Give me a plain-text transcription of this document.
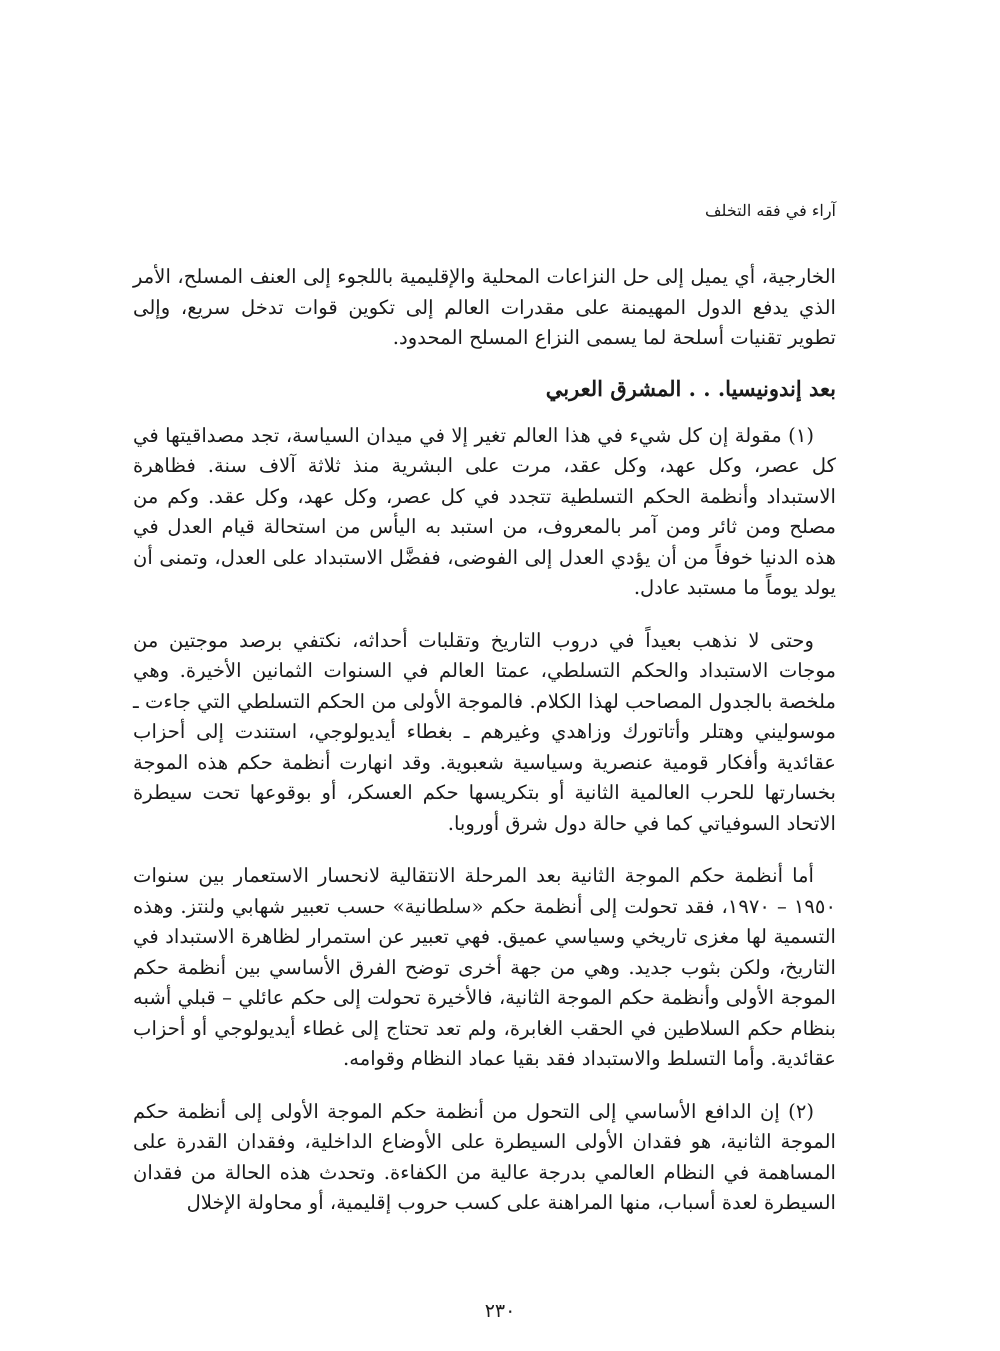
آراء في فقه التخلف

الخارجية، أي يميل إلى حل النزاعات المحلية والإقليمية باللجوء إلى العنف المسلح، الأمر الذي يدفع الدول المهيمنة على مقدرات العالم إلى تكوين قوات تدخل سريع، وإلى تطوير تقنيات أسلحة لما يسمى النزاع المسلح المحدود.

بعد إندونيسيا. . . المشرق العربي

(١) مقولة إن كل شيء في هذا العالم تغير إلا في ميدان السياسة، تجد مصداقيتها في كل عصر، وكل عهد، وكل عقد، مرت على البشرية منذ ثلاثة آلاف سنة. فظاهرة الاستبداد وأنظمة الحكم التسلطية تتجدد في كل عصر، وكل عهد، وكل عقد. وكم من مصلح ومن ثائر ومن آمر بالمعروف، من استبد به اليأس من استحالة قيام العدل في هذه الدنيا خوفاً من أن يؤدي العدل إلى الفوضى، ففضَّل الاستبداد على العدل، وتمنى أن يولد يوماً ما مستبد عادل.

وحتى لا نذهب بعيداً في دروب التاريخ وتقلبات أحداثه، نكتفي برصد موجتين من موجات الاستبداد والحكم التسلطي، عمتا العالم في السنوات الثمانين الأخيرة. وهي ملخصة بالجدول المصاحب لهذا الكلام. فالموجة الأولى من الحكم التسلطي التي جاءت ـ موسوليني وهتلر وأتاتورك وزاهدي وغيرهم ـ بغطاء أيديولوجي، استندت إلى أحزاب عقائدية وأفكار قومية عنصرية وسياسية شعبوية. وقد انهارت أنظمة حكم هذه الموجة بخسارتها للحرب العالمية الثانية أو بتكريسها حكم العسكر، أو بوقوعها تحت سيطرة الاتحاد السوفياتي كما في حالة دول شرق أوروبا.

أما أنظمة حكم الموجة الثانية بعد المرحلة الانتقالية لانحسار الاستعمار بين سنوات ١٩٥٠ – ١٩٧٠، فقد تحولت إلى أنظمة حكم «سلطانية» حسب تعبير شهابي ولنتز. وهذه التسمية لها مغزى تاريخي وسياسي عميق. فهي تعبير عن استمرار لظاهرة الاستبداد في التاريخ، ولكن بثوب جديد. وهي من جهة أخرى توضح الفرق الأساسي بين أنظمة حكم الموجة الأولى وأنظمة حكم الموجة الثانية، فالأخيرة تحولت إلى حكم عائلي – قبلي أشبه بنظام حكم السلاطين في الحقب الغابرة، ولم تعد تحتاج إلى غطاء أيديولوجي أو أحزاب عقائدية. وأما التسلط والاستبداد فقد بقيا عماد النظام وقوامه.

(٢) إن الدافع الأساسي إلى التحول من أنظمة حكم الموجة الأولى إلى أنظمة حكم الموجة الثانية، هو فقدان الأولى السيطرة على الأوضاع الداخلية، وفقدان القدرة على المساهمة في النظام العالمي بدرجة عالية من الكفاءة. وتحدث هذه الحالة من فقدان السيطرة لعدة أسباب، منها المراهنة على كسب حروب إقليمية، أو محاولة الإخلال

٢٣٠
